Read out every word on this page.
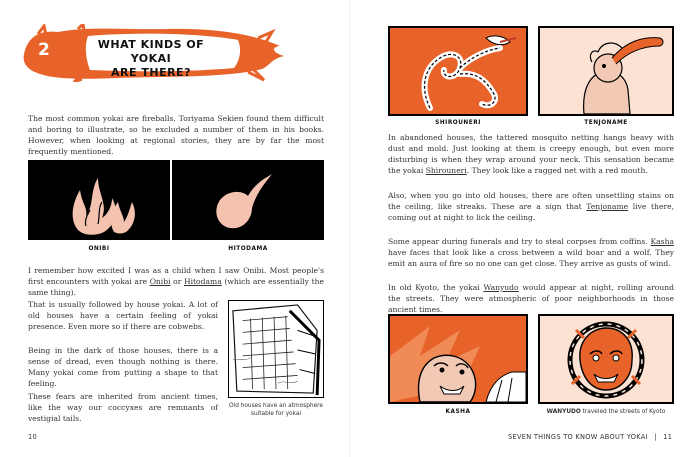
2	WHAT KINDS OF YOKAI
ARE THERE?

The most common yokai are fireballs. Toriyama Sekien found them difficult and boring to illustrate, so he excluded a number of them in his books. However, when looking at regional stories, they are by far the most frequently mentioned.

ONIBI	HITODAMA

I remember how excited I was as a child when I saw Onibi. Most people's first encounters with yokai are Onibi or Hitodama (which are essentially the same thing).

That is usually followed by house yokai. A lot of old houses have a certain feeling of yokai presence. Even more so if there are cobwebs.

Being in the dark of those houses, there is a sense of dread, even though nothing is there. Many yokai come from putting a shape to that feeling.

These fears are inherited from ancient times, like the way our coccyxes are remnants of vestigial tails.

Old houses have an atmosphere suitable for yokai
10
SHIROUNERI	TENJONAME

In abandoned houses, the tattered mosquito netting hangs heavy with dust and mold. Just looking at them is creepy enough, but even more disturbing is when they wrap around your neck. This sensation became the yokai Shirouneri. They look like a ragged net with a red mouth.

Also, when you go into old houses, there are often unsettling stains on the ceiling, like streaks. These are a sign that Tenjoname live there, coming out at night to lick the ceiling.

Some appear during funerals and try to steal corpses from coffins. Kasha have faces that look like a cross between a wild boar and a wolf. They emit an aura of fire so no one can get close. They arrive as gusts of wind.

In old Kyoto, the yokai Wanyudo would appear at night, rolling around the streets. They were atmospheric of poor neighborhoods in those ancient times.

KASHA	WANYUDO traveled the streets of Kyoto
SEVEN THINGS TO KNOW ABOUT YOKAI | 11
